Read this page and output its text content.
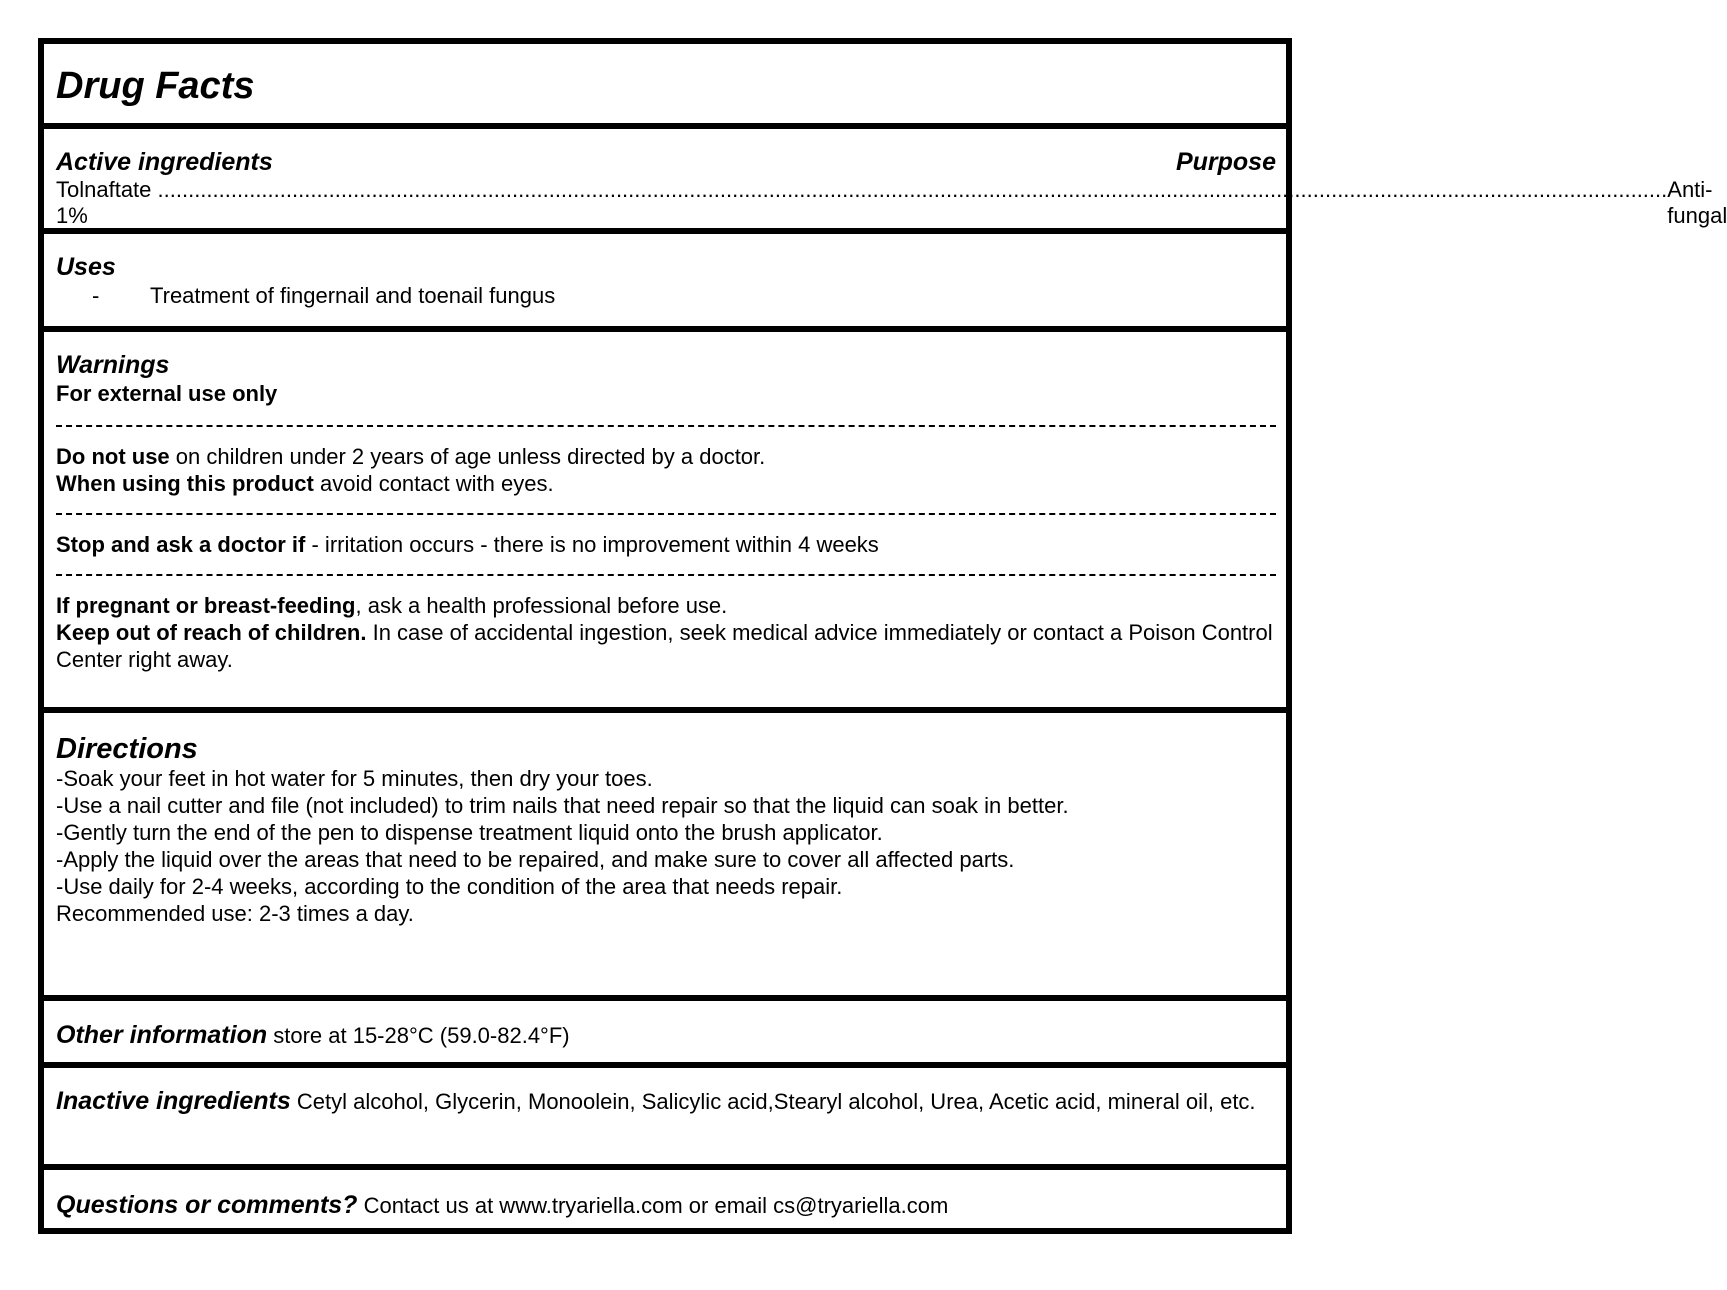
Drug Facts
Active ingredients	Purpose
Tolnaftate 1%
....................................................................................................................................................................................................................................................... Anti-fungal
Uses
- Treatment of fingernail and toenail fungus
Warnings
For external use only
Do not use on children under 2 years of age unless directed by a doctor.
When using this product avoid contact with eyes.
Stop and ask a doctor if - irritation occurs - there is no improvement within 4 weeks
If pregnant or breast-feeding, ask a health professional before use.
Keep out of reach of children. In case of accidental ingestion, seek medical advice immediately or contact a Poison Control Center right away.
Directions
-Soak your feet in hot water for 5 minutes, then dry your toes.
-Use a nail cutter and file (not included) to trim nails that need repair so that the liquid can soak in better.
-Gently turn the end of the pen to dispense treatment liquid onto the brush applicator.
-Apply the liquid over the areas that need to be repaired, and make sure to cover all affected parts.
-Use daily for 2-4 weeks, according to the condition of the area that needs repair.
Recommended use: 2-3 times a day.
Other information store at 15-28°C (59.0-82.4°F)
Inactive ingredients Cetyl alcohol, Glycerin, Monoolein, Salicylic acid,Stearyl alcohol, Urea, Acetic acid, mineral oil, etc.
Questions or comments? Contact us at www.tryariella.com or email cs@tryariella.com
